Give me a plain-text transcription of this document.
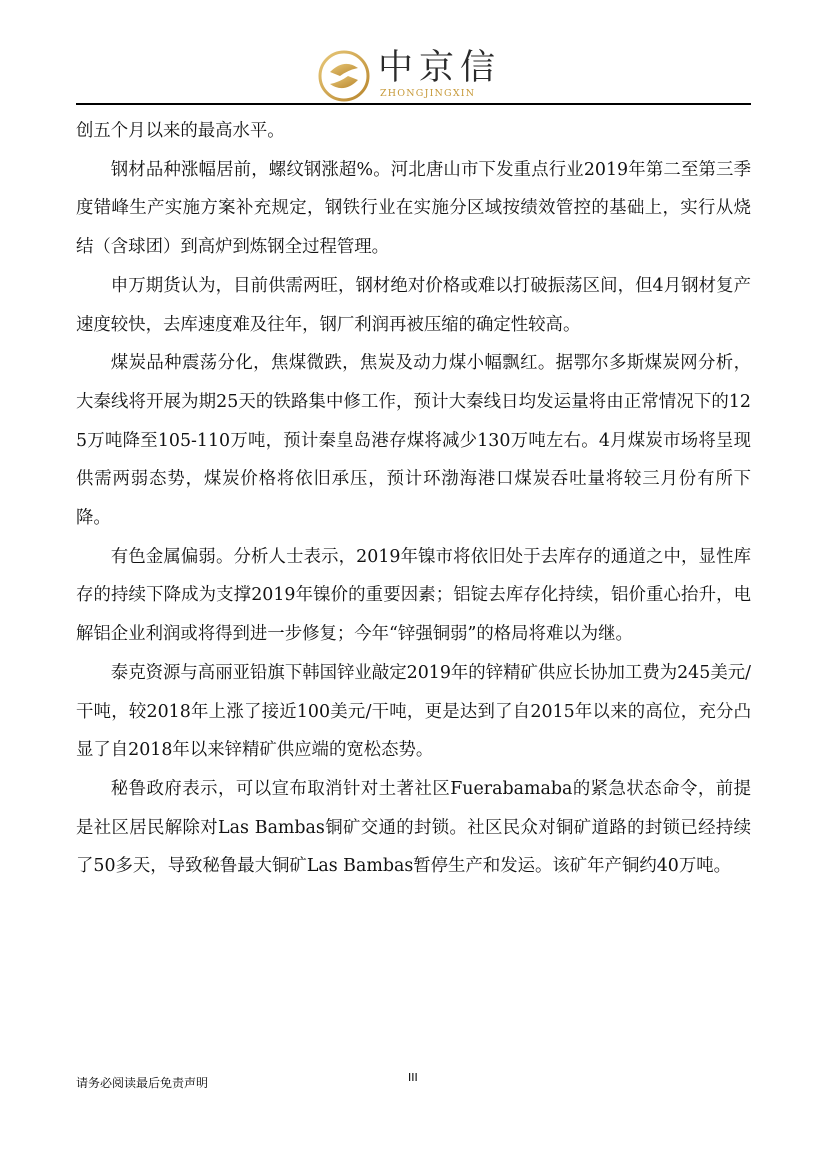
中京信
ZHONGJINGXIN

创五个月以来的最高水平。

钢材品种涨幅居前，螺纹钢涨超%。河北唐山市下发重点行业2019年第二至第三季度错峰生产实施方案补充规定，钢铁行业在实施分区域按绩效管控的基础上，实行从烧结（含球团）到高炉到炼钢全过程管理。

申万期货认为，目前供需两旺，钢材绝对价格或难以打破振荡区间，但4月钢材复产速度较快，去库速度难及往年，钢厂利润再被压缩的确定性较高。

煤炭品种震荡分化，焦煤微跌，焦炭及动力煤小幅飘红。据鄂尔多斯煤炭网分析，大秦线将开展为期25天的铁路集中修工作，预计大秦线日均发运量将由正常情况下的125万吨降至105-110万吨，预计秦皇岛港存煤将减少130万吨左右。4月煤炭市场将呈现供需两弱态势，煤炭价格将依旧承压，预计环渤海港口煤炭吞吐量将较三月份有所下降。

有色金属偏弱。分析人士表示，2019年镍市将依旧处于去库存的通道之中，显性库存的持续下降成为支撑2019年镍价的重要因素；铝锭去库存化持续，铝价重心抬升，电解铝企业利润或将得到进一步修复；今年“锌强铜弱”的格局将难以为继。

泰克资源与高丽亚铅旗下韩国锌业敲定2019年的锌精矿供应长协加工费为245美元/干吨，较2018年上涨了接近100美元/干吨，更是达到了自2015年以来的高位，充分凸显了自2018年以来锌精矿供应端的宽松态势。

秘鲁政府表示，可以宣布取消针对土著社区Fuerabamaba的紧急状态命令，前提是社区居民解除对Las Bambas铜矿交通的封锁。社区民众对铜矿道路的封锁已经持续了50多天，导致秘鲁最大铜矿Las Bambas暂停生产和发运。该矿年产铜约40万吨。

请务必阅读最后免责声明	III
